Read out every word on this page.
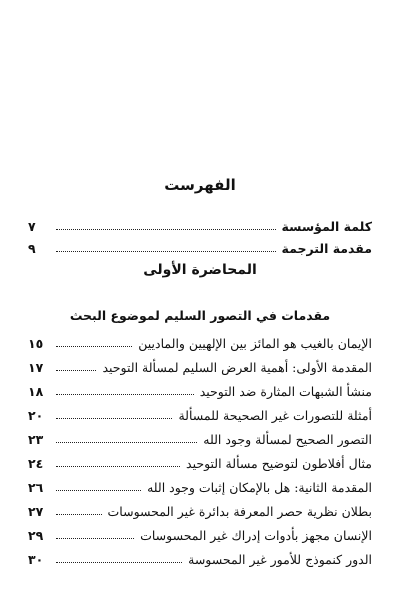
الفهرست
كلمة المؤسسة
٧
مقدمة الترجمة
٩
المحاضرة الأولى
مقدمات في التصور السليم لموضوع البحث
الإيمان بالغيب هو المائز بين الإلهيين والماديين
١٥
المقدمة الأولى: أهمية العرض السليم لمسألة التوحيد
١٧
منشأ الشبهات المثارة ضد التوحيد
١٨
أمثلة للتصورات غير الصحيحة للمسألة
٢٠
التصور الصحيح لمسألة وجود الله
٢٣
مثال أفلاطون لتوضيح مسألة التوحيد
٢٤
المقدمة الثانية: هل بالإمكان إثبات وجود الله
٢٦
بطلان نظرية حصر المعرفة بدائرة غير المحسوسات
٢٧
الإنسان مجهز بأدوات إدراك غير المحسوسات
٢٩
الدور كنموذج للأمور غير المحسوسة
٣٠
